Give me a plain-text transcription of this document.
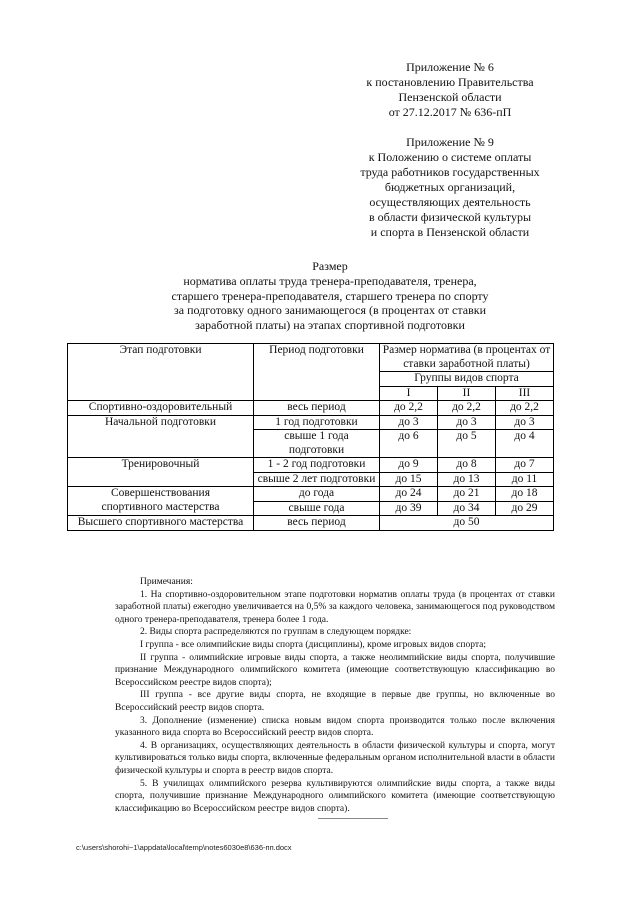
Приложение № 6
к постановлению Правительства
Пензенской области
от 27.12.2017 № 636-пП
Приложение № 9
к Положению о системе оплаты
труда работников государственных
бюджетных организаций,
осуществляющих деятельность
в области физической культуры
и спорта в Пензенской области
Размер
норматива оплаты труда тренера-преподавателя, тренера,
старшего тренера-преподавателя, старшего тренера по спорту
за подготовку одного занимающегося (в процентах от ставки
заработной платы) на этапах спортивной подготовки
Этап подготовки	Период подготовки	Размер норматива (в процентах от ставки заработной платы)		
		Группы видов спорта		
		I	II	III
Спортивно-оздоровительный	весь период	до 2,2	до 2,2	до 2,2
Начальной подготовки	1 год подготовки	до 3	до 3	до 3
	свыше 1 года подготовки	до 6	до 5	до 4
Тренировочный	1 - 2 год подготовки	до 9	до 8	до 7
	свыше 2 лет подготовки	до 15	до 13	до 11
Совершенствования	до года	до 24	до 21	до 18
спортивного мастерства	свыше года	до 39	до 34	до 29
Высшего спортивного мастерства	весь период	до 50		

Примечания:

1. На спортивно-оздоровительном этапе подготовки норматив оплаты труда (в процентах от ставки заработной платы) ежегодно увеличивается на 0,5% за каждого человека, занимающегося под руководством одного тренера-преподавателя, тренера более 1 года.

2. Виды спорта распределяются по группам в следующем порядке:

I группа - все олимпийские виды спорта (дисциплины), кроме игровых видов спорта;

II группа - олимпийские игровые виды спорта, а также неолимпийские виды спорта, получившие признание Международного олимпийского комитета (имеющие соответствующую классификацию во Всероссийском реестре видов спорта);

III группа - все другие виды спорта, не входящие в первые две группы, но включенные во Всероссийский реестр видов спорта.

3. Дополнение (изменение) списка новым видом спорта производится только после включения указанного вида спорта во Всероссийский реестр видов спорта.

4. В организациях, осуществляющих деятельность в области физической культуры и спорта, могут культивироваться только виды спорта, включенные федеральным органом исполнительной власти в области физической культуры и спорта в реестр видов спорта.

5. В училищах олимпийского резерва культивируются олимпийские виды спорта, а также виды спорта, получившие признание Международного олимпийского комитета (имеющие соответствующую классификацию во Всероссийском реестре видов спорта).

c:\users\shorohi~1\appdata\local\temp\notes6030e8\636-пп.docx
